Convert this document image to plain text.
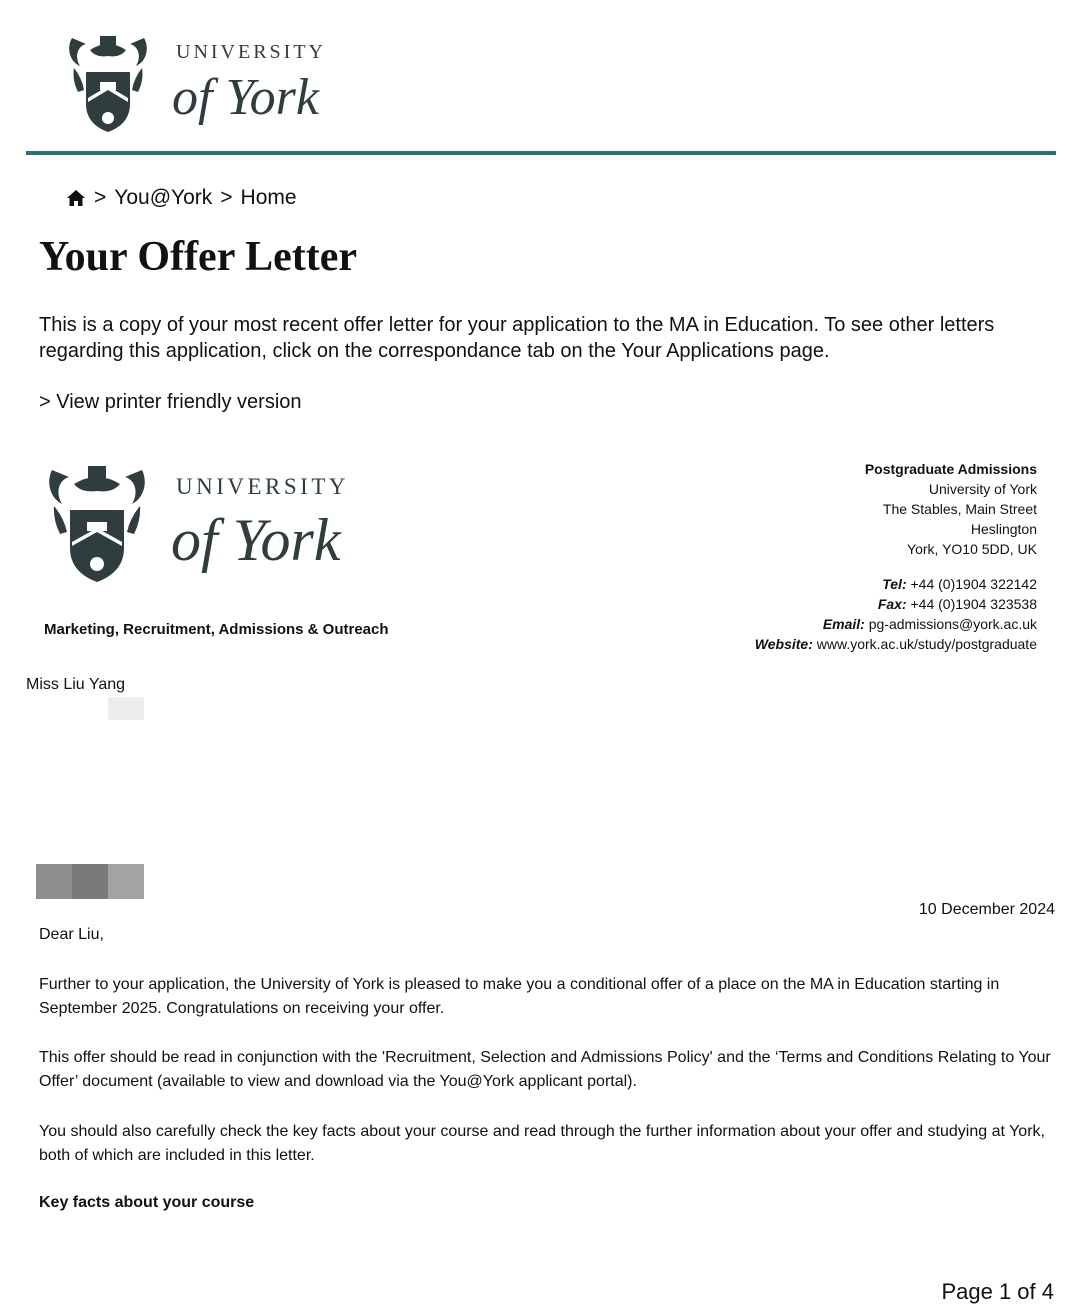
UNIVERSITY
of York
> You@York > Home
Your Offer Letter

This is a copy of your most recent offer letter for your application to the MA in Education. To see other letters regarding this application, click on the correspondance tab on the Your Applications page.

> View printer friendly version
UNIVERSITY
of York
Marketing, Recruitment, Admissions & Outreach
Postgraduate Admissions
University of York
The Stables, Main Street
Heslington
York, YO10 5DD, UK
Tel: +44 (0)1904 322142
Fax: +44 (0)1904 323538
Email: pg-admissions@york.ac.uk
Website: www.york.ac.uk/study/postgraduate
Miss Liu Yang
10 December 2024
Dear Liu,

Further to your application, the University of York is pleased to make you a conditional offer of a place on the MA in Education starting in September 2025. Congratulations on receiving your offer.

This offer should be read in conjunction with the 'Recruitment, Selection and Admissions Policy' and the ‘Terms and Conditions Relating to Your Offer’ document (available to view and download via the You@York applicant portal).

You should also carefully check the key facts about your course and read through the further information about your offer and studying at York, both of which are included in this letter.

Key facts about your course
Page 1 of 4
